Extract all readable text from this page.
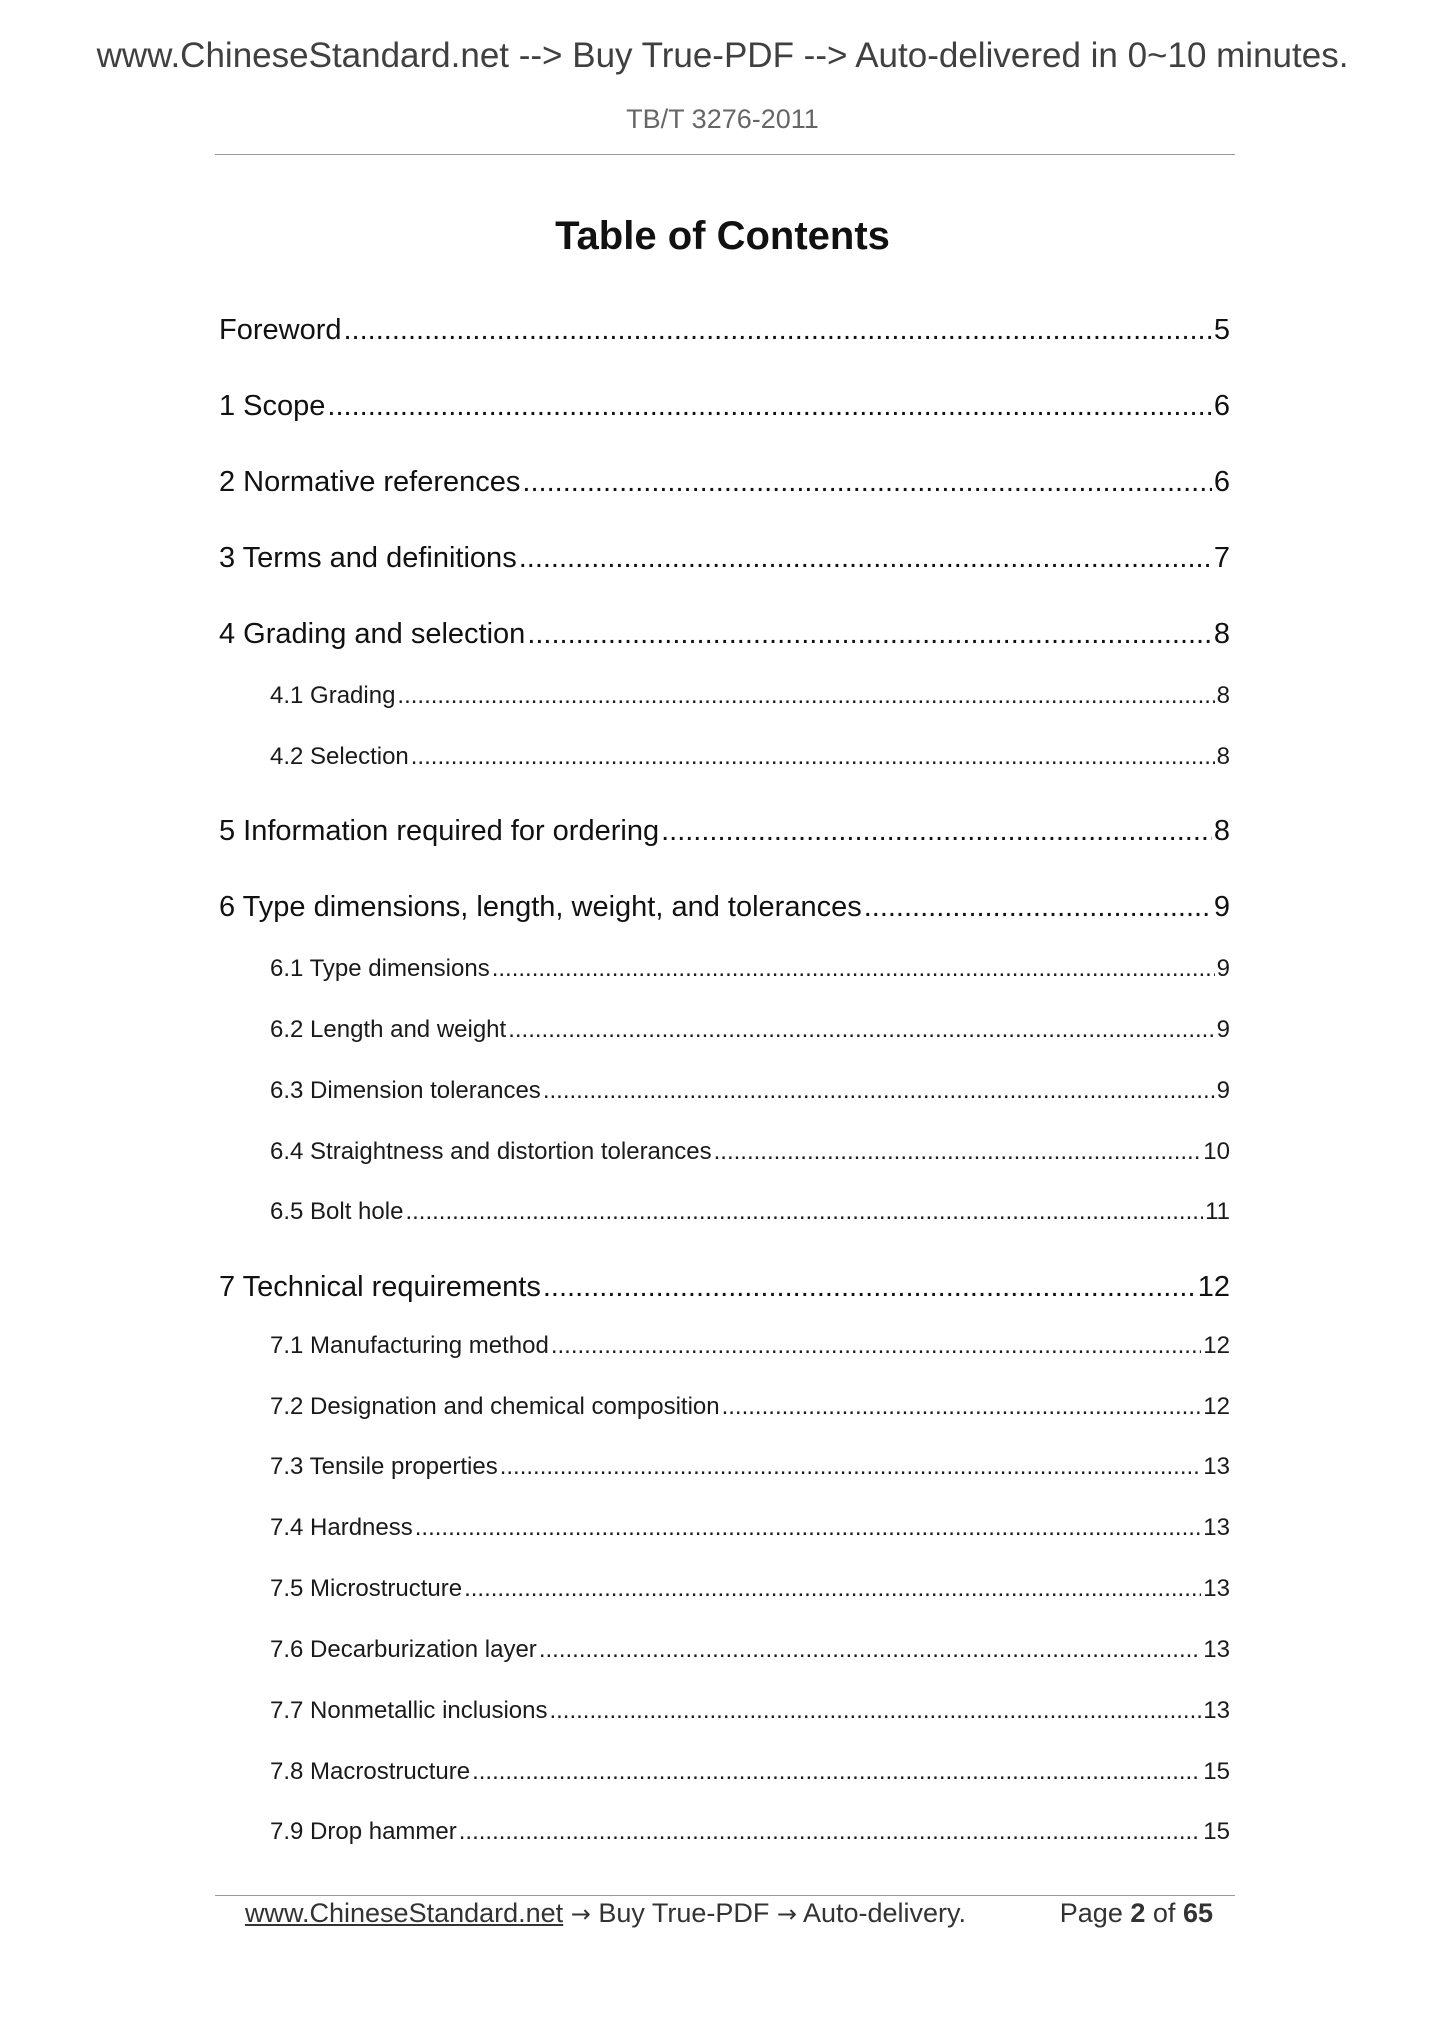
www.ChineseStandard.net --> Buy True-PDF --> Auto-delivered in 0~10 minutes.
TB/T 3276-2011
Table of Contents
Foreword .....	5
1 Scope .....	6
2 Normative references .....	6
3 Terms and definitions .....	7
4 Grading and selection .....	8
4.1 Grading .....	8
4.2 Selection .....	8
5 Information required for ordering .....	8
6 Type dimensions, length, weight, and tolerances .....	9
6.1 Type dimensions .....	9
6.2 Length and weight .....	9
6.3 Dimension tolerances .....	9
6.4 Straightness and distortion tolerances .....	10
6.5 Bolt hole .....	11
7 Technical requirements .....	12
7.1 Manufacturing method .....	12
7.2 Designation and chemical composition .....	12
7.3 Tensile properties .....	13
7.4 Hardness .....	13
7.5 Microstructure .....	13
7.6 Decarburization layer .....	13
7.7 Nonmetallic inclusions .....	13
7.8 Macrostructure .....	15
7.9 Drop hammer .....	15
www.ChineseStandard.net → Buy True-PDF → Auto-delivery.	Page 2 of 65
